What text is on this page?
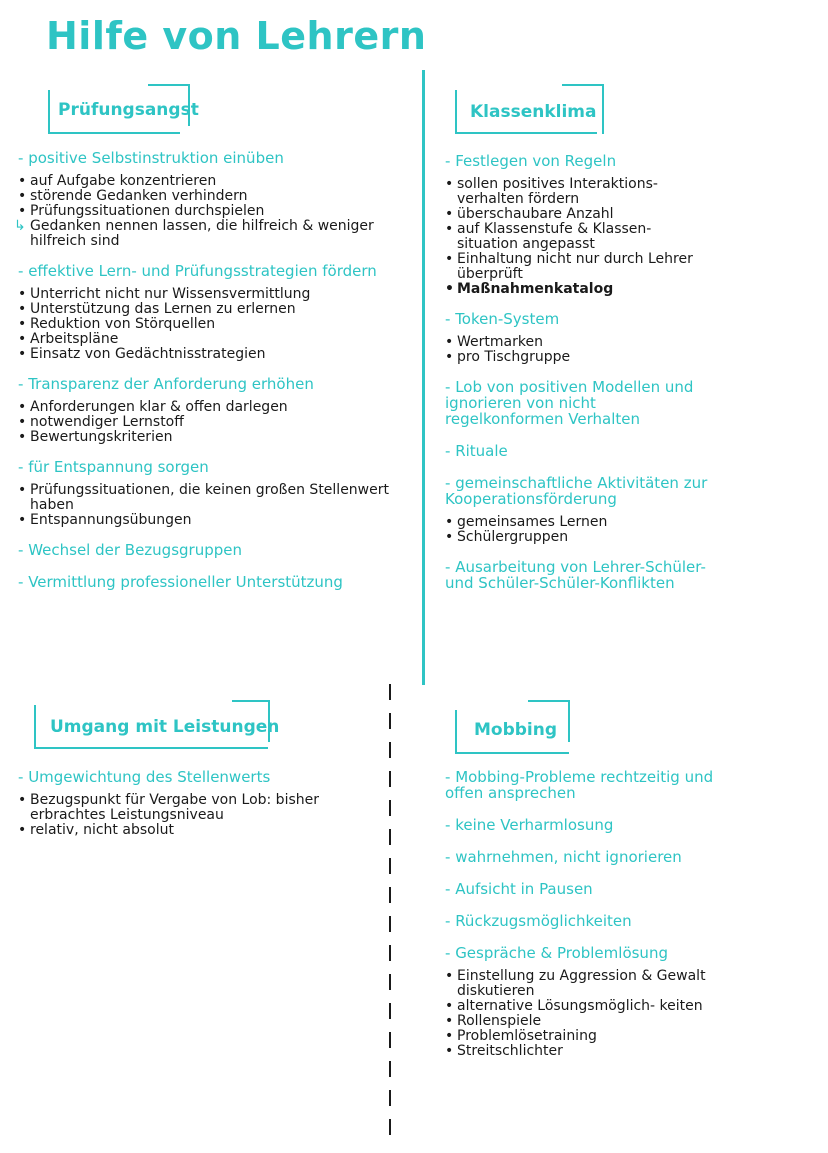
Hilfe von Lehrern
Prüfungsangst	Klassenklima
Umgang mit Leistungen	Mobbing
- positive Selbstinstruktion einüben
• auf Aufgabe konzentrieren
• störende Gedanken verhindern
• Prüfungssituationen durchspielen
↳ Gedanken nennen lassen, die hilfreich & weniger hilfreich sind
- effektive Lern- und Prüfungsstrategien fördern
• Unterricht nicht nur Wissensvermittlung
• Unterstützung das Lernen zu erlernen
• Reduktion von Störquellen
• Arbeitspläne
• Einsatz von Gedächtnisstrategien
- Transparenz der Anforderung erhöhen
• Anforderungen klar & offen darlegen
• notwendiger Lernstoff
• Bewertungskriterien
- für Entspannung sorgen
• Prüfungssituationen, die keinen großen Stellenwert haben
• Entspannungsübungen
- Wechsel der Bezugsgruppen
- Vermittlung professioneller Unterstützung
- Festlegen von Regeln
• sollen positives Interaktions- verhalten fördern
• überschaubare Anzahl
• auf Klassenstufe & Klassen- situation angepasst
• Einhaltung nicht nur durch Lehrer überprüft
• Maßnahmenkatalog
- Token-System
• Wertmarken
• pro Tischgruppe
- Lob von positiven Modellen und ignorieren von nicht regelkonformen Verhalten
- Rituale
- gemeinschaftliche Aktivitäten zur Kooperationsförderung
• gemeinsames Lernen
• Schülergruppen
- Ausarbeitung von Lehrer-Schüler- und Schüler-Schüler-Konflikten
- Umgewichtung des Stellenwerts
• Bezugspunkt für Vergabe von Lob: bisher erbrachtes Leistungsniveau
• relativ, nicht absolut
- Mobbing-Probleme rechtzeitig und offen ansprechen
- keine Verharmlosung
- wahrnehmen, nicht ignorieren
- Aufsicht in Pausen
- Rückzugsmöglichkeiten
- Gespräche & Problemlösung
• Einstellung zu Aggression & Gewalt diskutieren
• alternative Lösungsmöglich- keiten
• Rollenspiele
• Problemlösetraining
• Streitschlichter
